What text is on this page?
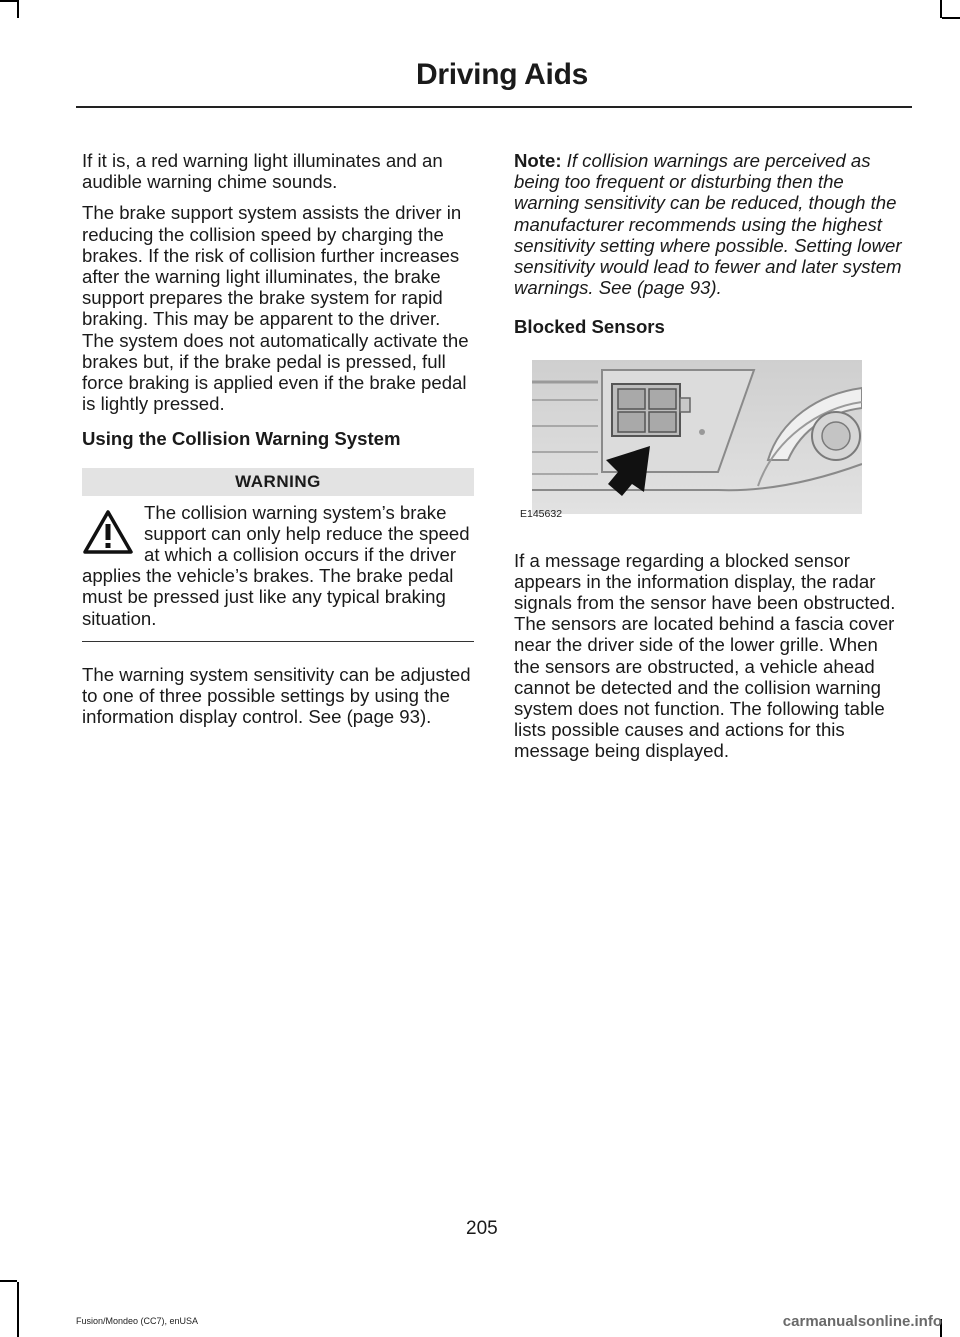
Driving Aids

If it is, a red warning light illuminates and an audible warning chime sounds.

The brake support system assists the driver in reducing the collision speed by charging the brakes. If the risk of collision further increases after the warning light illuminates, the brake support prepares the brake system for rapid braking. This may be apparent to the driver. The system does not automatically activate the brakes but, if the brake pedal is pressed, full force braking is applied even if the brake pedal is lightly pressed.

Using the Collision Warning System

WARNING
The collision warning system’s brake support can only help reduce the speed at which a collision occurs if the driver applies the vehicle’s brakes. The brake pedal must be pressed just like any typical braking situation.

The warning system sensitivity can be adjusted to one of three possible settings by using the information display control. See (page 93).

Note: If collision warnings are perceived as being too frequent or disturbing then the warning sensitivity can be reduced, though the manufacturer recommends using the highest sensitivity setting where possible. Setting lower sensitivity would lead to fewer and later system warnings. See (page 93).

Blocked Sensors

E145632

If a message regarding a blocked sensor appears in the information display, the radar signals from the sensor have been obstructed. The sensors are located behind a fascia cover near the driver side of the lower grille. When the sensors are obstructed, a vehicle ahead cannot be detected and the collision warning system does not function. The following table lists possible causes and actions for this message being displayed.

205
Fusion/Mondeo (CC7), enUSA	carmanualsonline.info
